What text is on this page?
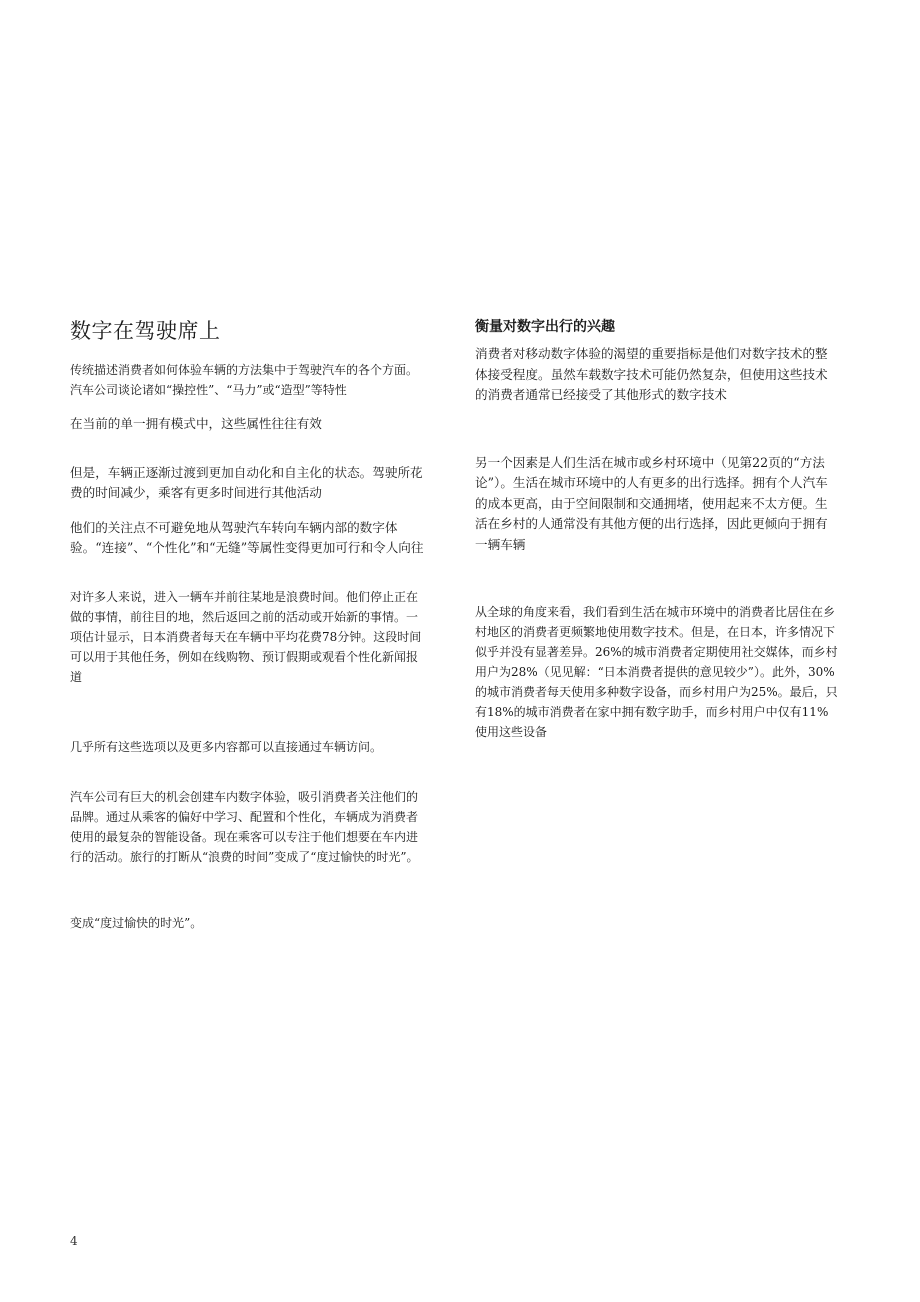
数字在驾驶席上

传统描述消费者如何体验车辆的方法集中于驾驶汽车的各个方面。汽车公司谈论诸如“操控性”、“马力”或“造型”等特性

在当前的单一拥有模式中，这些属性往往有效

但是，车辆正逐渐过渡到更加自动化和自主化的状态。驾驶所花费的时间减少，乘客有更多时间进行其他活动

他们的关注点不可避免地从驾驶汽车转向车辆内部的数字体验。“连接”、“个性化”和“无缝”等属性变得更加可行和令人向往

对许多人来说，进入一辆车并前往某地是浪费时间。他们停止正在做的事情，前往目的地，然后返回之前的活动或开始新的事情。一项估计显示，日本消费者每天在车辆中平均花费78分钟。这段时间可以用于其他任务，例如在线购物、预订假期或观看个性化新闻报道

几乎所有这些选项以及更多内容都可以直接通过车辆访问。

汽车公司有巨大的机会创建车内数字体验，吸引消费者关注他们的品牌。通过从乘客的偏好中学习、配置和个性化，车辆成为消费者使用的最复杂的智能设备。现在乘客可以专注于他们想要在车内进行的活动。旅行的打断从“浪费的时间”变成了“度过愉快的时光”。

变成“度过愉快的时光”。

衡量对数字出行的兴趣

消费者对移动数字体验的渴望的重要指标是他们对数字技术的整体接受程度。虽然车载数字技术可能仍然复杂，但使用这些技术的消费者通常已经接受了其他形式的数字技术

另一个因素是人们生活在城市或乡村环境中（见第22页的“方法论”）。生活在城市环境中的人有更多的出行选择。拥有个人汽车的成本更高，由于空间限制和交通拥堵，使用起来不太方便。生活在乡村的人通常没有其他方便的出行选择，因此更倾向于拥有一辆车辆

从全球的角度来看，我们看到生活在城市环境中的消费者比居住在乡村地区的消费者更频繁地使用数字技术。但是，在日本，许多情况下似乎并没有显著差异。26%的城市消费者定期使用社交媒体，而乡村用户为28%（见见解：“日本消费者提供的意见较少”）。此外，30%的城市消费者每天使用多种数字设备，而乡村用户为25%。最后，只有18%的城市消费者在家中拥有数字助手，而乡村用户中仅有11%使用这些设备

4
